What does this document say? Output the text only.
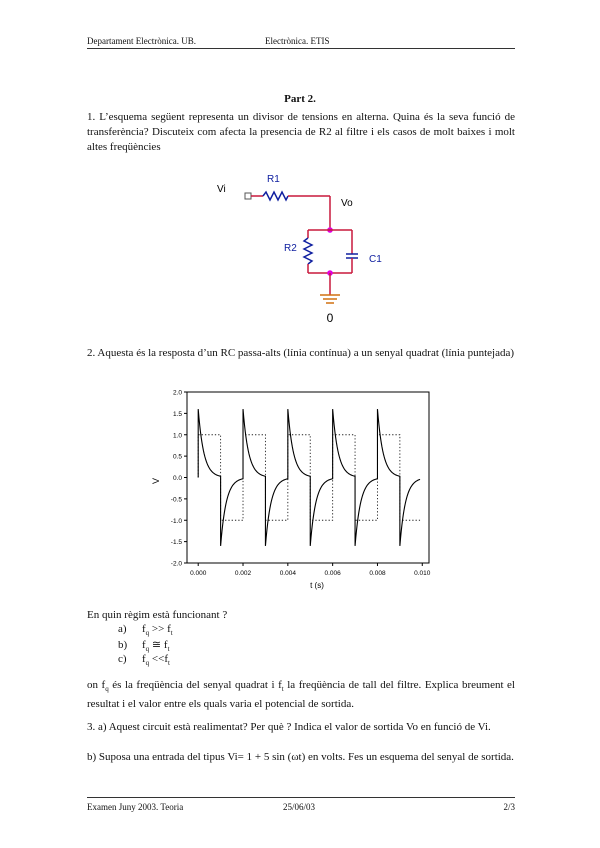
Departament Electrònica. UB.	Electrònica. ETIS
Part 2.
1. L’esquema següent representa un divisor de tensions en alterna. Quina és la seva funció de transferència? Discuteix com afecta la presencia de R2 al filtre i els casos de molt baixes i molt altes freqüències
Vi
R1
Vo
R2
C1
0
2. Aquesta és la resposta d’un RC passa-alts (línia contínua) a un senyal quadrat (línia puntejada)
2.0
1.5
1.0
0.5
0.0
-0.5
-1.0
-1.5
-2.0
0.000	0.002	0.004	0.006	0.008	0.010
V
t (s)
En quin règim està funcionant ?
a) $f_q >> f_t$
b) $f_q$ ≅ $f_t$
c) $f_q <<f_t$
on $f_q$ és la freqüència del senyal quadrat i $f_t$ la freqüència de tall del filtre. Explica breument el resultat i el valor entre els quals varia el potencial de sortida.
3. a) Aquest circuit està realimentat? Per què ? Indica el valor de sortida Vo en funció de Vi.
b) Suposa una entrada del tipus Vi= 1 + 5 sin (ωt) en volts. Fes un esquema del senyal de sortida.
Examen Juny 2003. Teoria	25/06/03	2/3
